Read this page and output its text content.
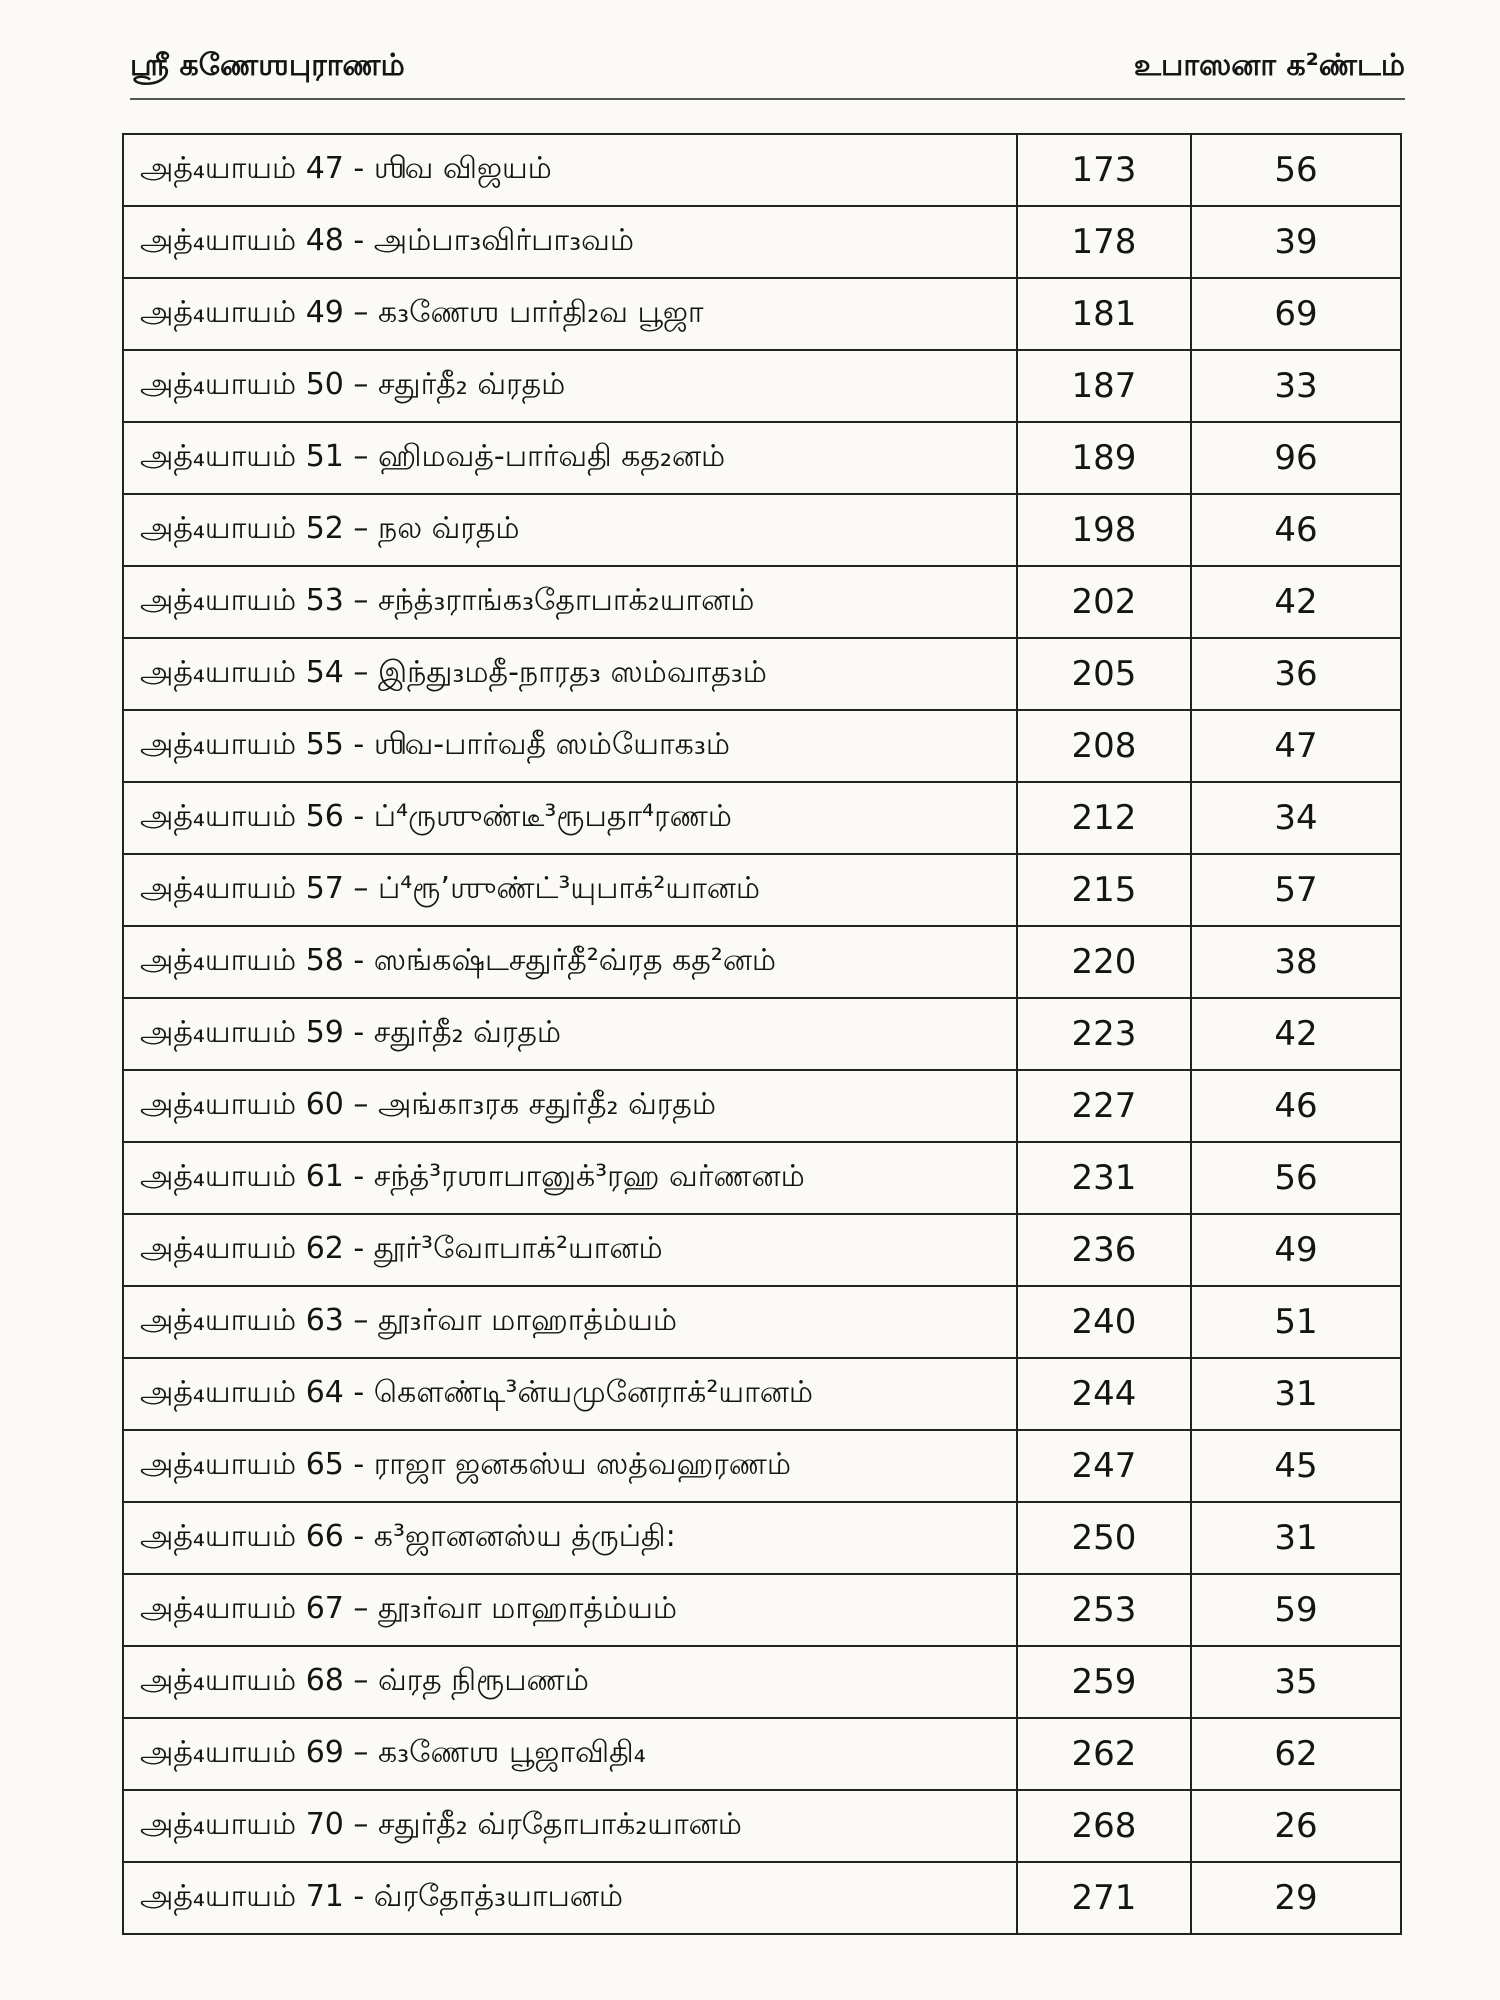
ஸ்ரீ கணேஶபுராணம்	உபாஸனா க²ண்டம்
அத்₄யாயம் 47 - ஶிவ விஜயம்	173	56
அத்₄யாயம் 48 - அம்பா₃விர்பா₃வம்	178	39
அத்₄யாயம் 49 – க₃ணேஶ பார்தி₂வ பூஜா	181	69
அத்₄யாயம் 50 – சதுர்தீ₂ வ்ரதம்	187	33
அத்₄யாயம் 51 – ஹிமவத்-பார்வதி கத₂னம்	189	96
அத்₄யாயம் 52 – நல வ்ரதம்	198	46
அத்₄யாயம் 53 – சந்த்₃ராங்க₃தோபாக்₂யானம்	202	42
அத்₄யாயம் 54 – இந்து₃மதீ-நாரத₃ ஸம்வாத₃ம்	205	36
அத்₄யாயம் 55 - ஶிவ-பார்வதீ ஸம்யோக₃ம்	208	47
அத்₄யாயம் 56 - ப்⁴ருஶுண்டீ³ரூபதா⁴ரணம்	212	34
அத்₄யாயம் 57 – ப்⁴ரூ’ஶுண்ட்³யுபாக்²யானம்	215	57
அத்₄யாயம் 58 - ஸங்கஷ்டசதுர்தீ²வ்ரத கத²னம்	220	38
அத்₄யாயம் 59 - சதுர்தீ₂ வ்ரதம்	223	42
அத்₄யாயம் 60 – அங்கா₃ரக சதுர்தீ₂ வ்ரதம்	227	46
அத்₄யாயம் 61 - சந்த்³ரஶாபானுக்³ரஹ வர்ணனம்	231	56
அத்₄யாயம் 62 - தூர்³வோபாக்²யானம்	236	49
அத்₄யாயம் 63 – தூ₃ர்வா மாஹாத்ம்யம்	240	51
அத்₄யாயம் 64 - கௌண்டி³ன்யமுனேராக்²யானம்	244	31
அத்₄யாயம் 65 - ராஜா ஜனகஸ்ய ஸத்வஹரணம்	247	45
அத்₄யாயம் 66 - க³ஜானனஸ்ய த்ருப்தி:	250	31
அத்₄யாயம் 67 – தூ₃ர்வா மாஹாத்ம்யம்	253	59
அத்₄யாயம் 68 – வ்ரத நிரூபணம்	259	35
அத்₄யாயம் 69 – க₃ணேஶ பூஜாவிதி₄	262	62
அத்₄யாயம் 70 – சதுர்தீ₂ வ்ரதோபாக்₂யானம்	268	26
அத்₄யாயம் 71 - வ்ரதோத்₃யாபனம்	271	29
